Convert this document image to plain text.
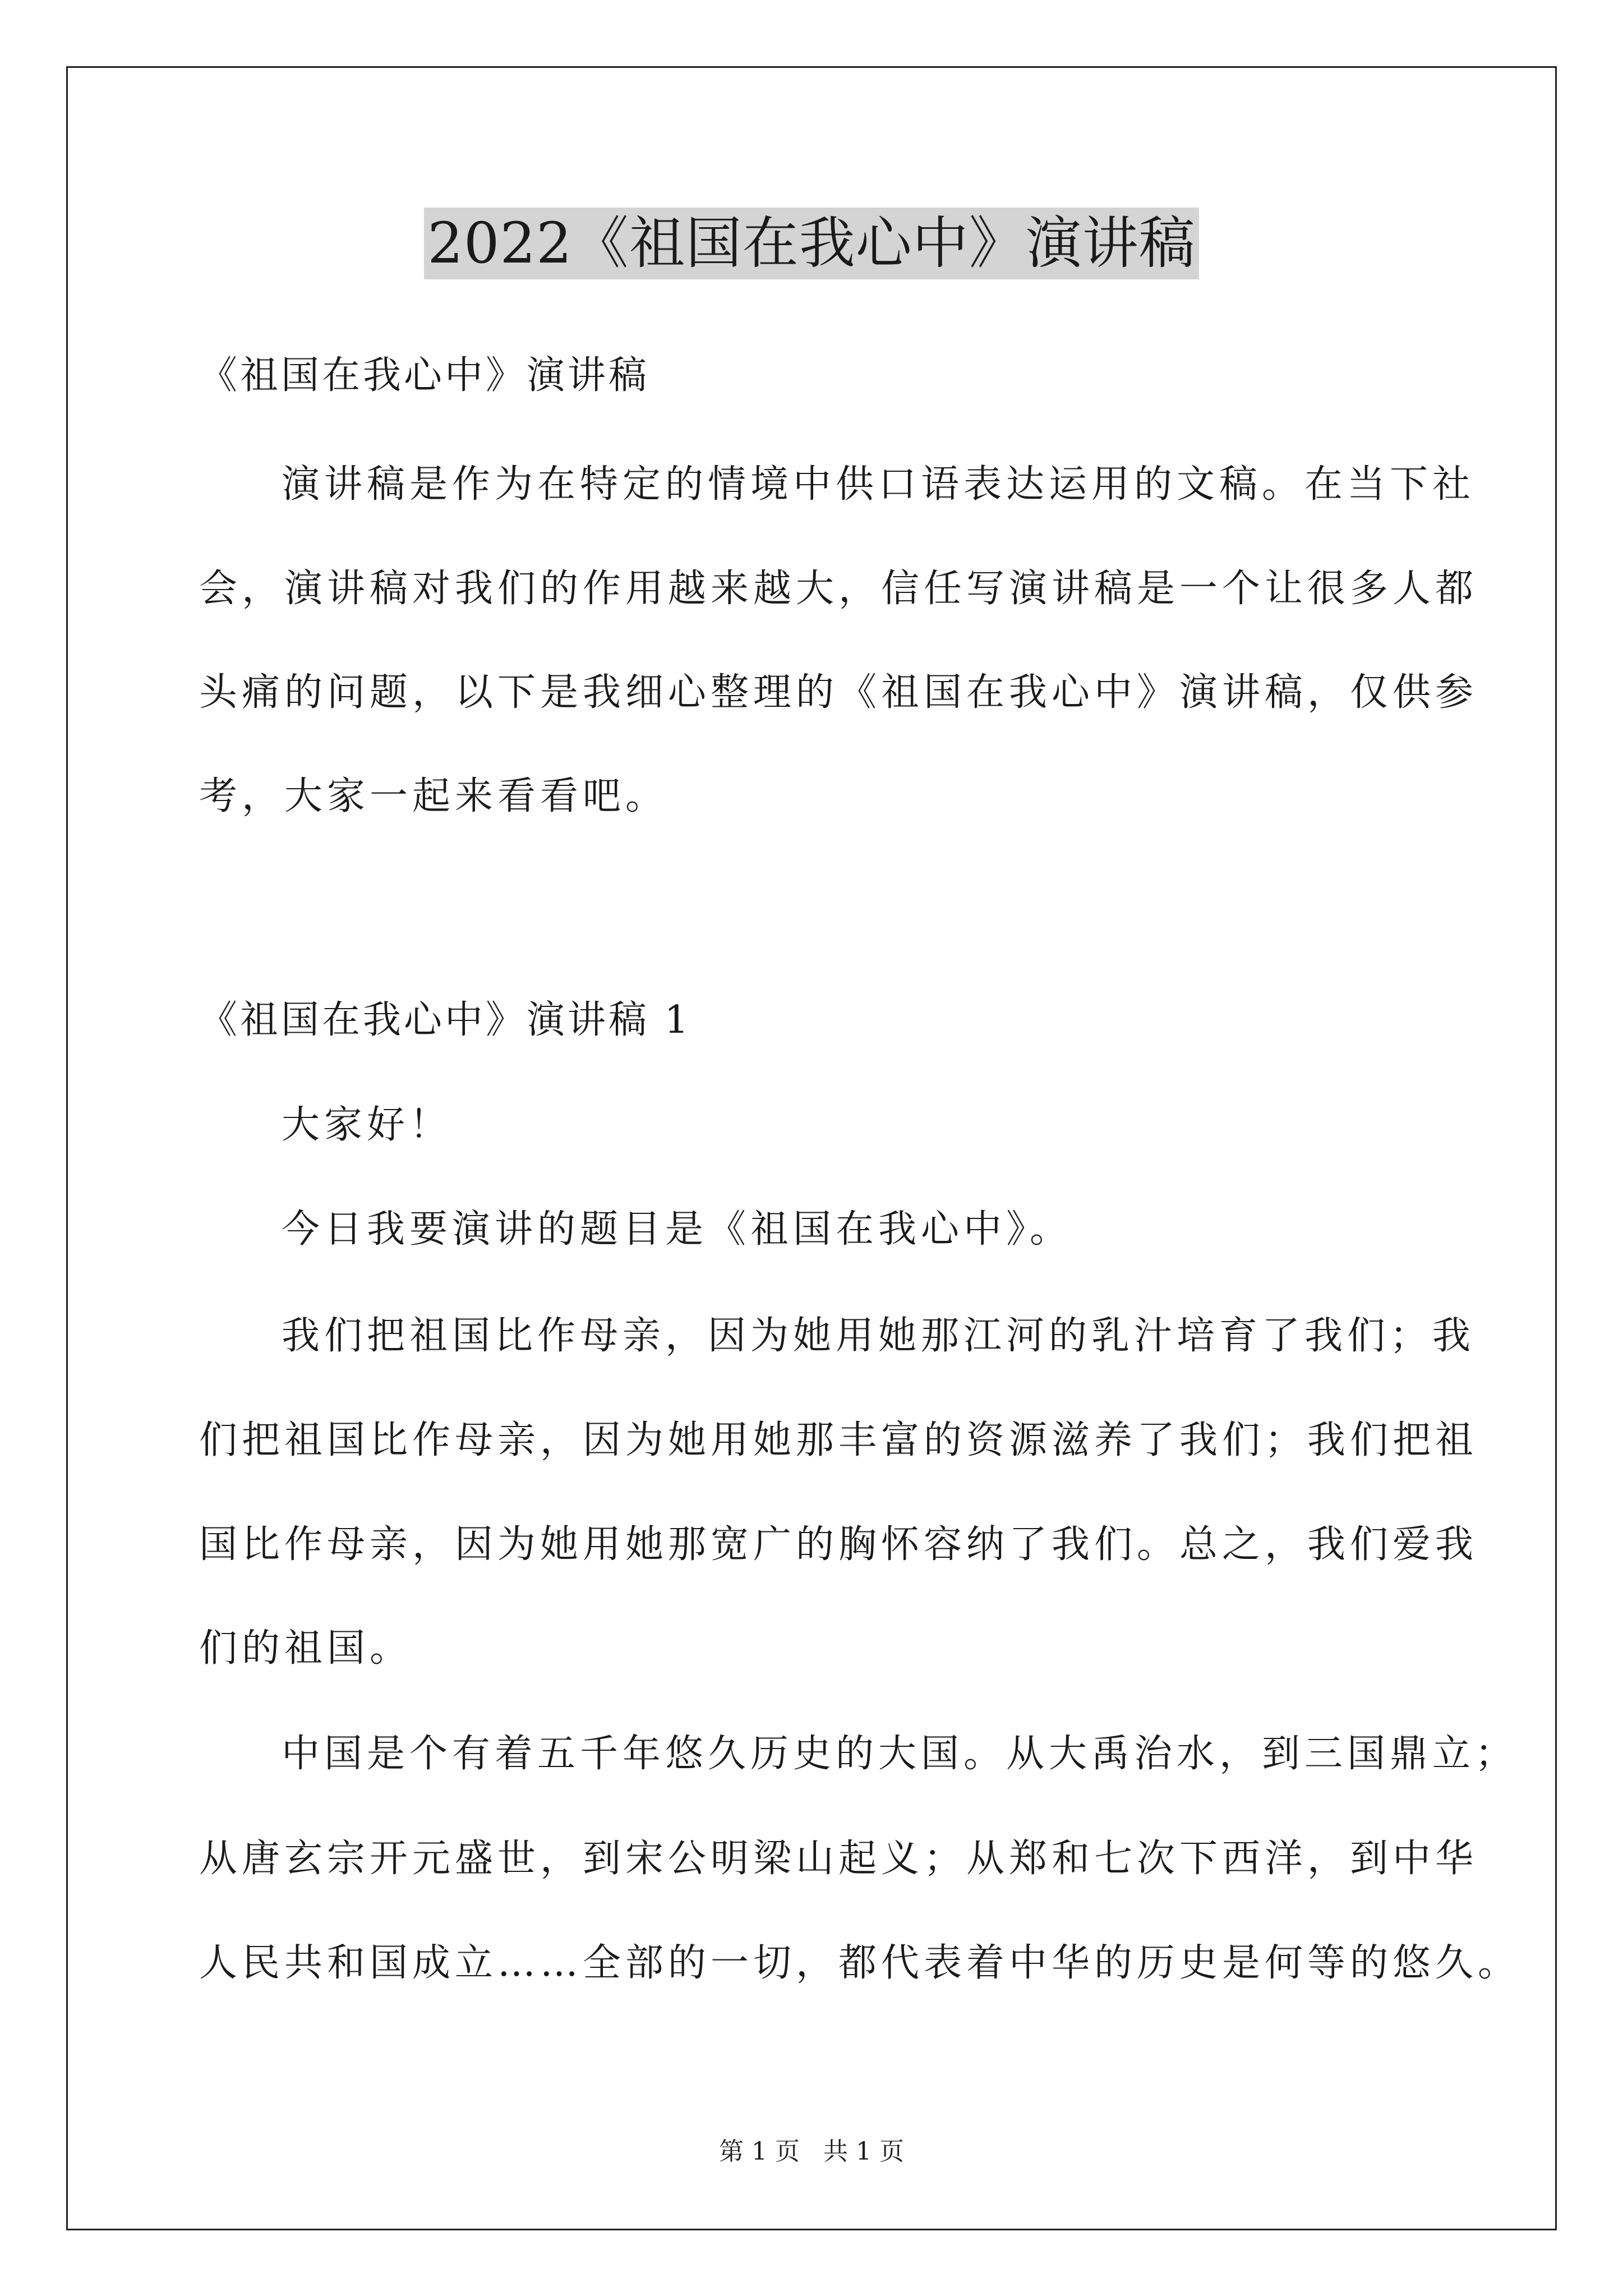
2022《祖国在我心中》演讲稿
《祖国在我心中》演讲稿
演讲稿是作为在特定的情境中供口语表达运用的文稿。在当下社
会，演讲稿对我们的作用越来越大，信任写演讲稿是一个让很多人都
头痛的问题，以下是我细心整理的《祖国在我心中》演讲稿，仅供参
考，大家一起来看看吧。
《祖国在我心中》演讲稿 1
大家好！
今日我要演讲的题目是《祖国在我心中》。
我们把祖国比作母亲，因为她用她那江河的乳汁培育了我们；我
们把祖国比作母亲，因为她用她那丰富的资源滋养了我们；我们把祖
国比作母亲，因为她用她那宽广的胸怀容纳了我们。总之，我们爱我
们的祖国。
中国是个有着五千年悠久历史的大国。从大禹治水，到三国鼎立；
从唐玄宗开元盛世，到宋公明梁山起义；从郑和七次下西洋，到中华
人民共和国成立……全部的一切，都代表着中华的历史是何等的悠久。
第 1 页   共 1 页
